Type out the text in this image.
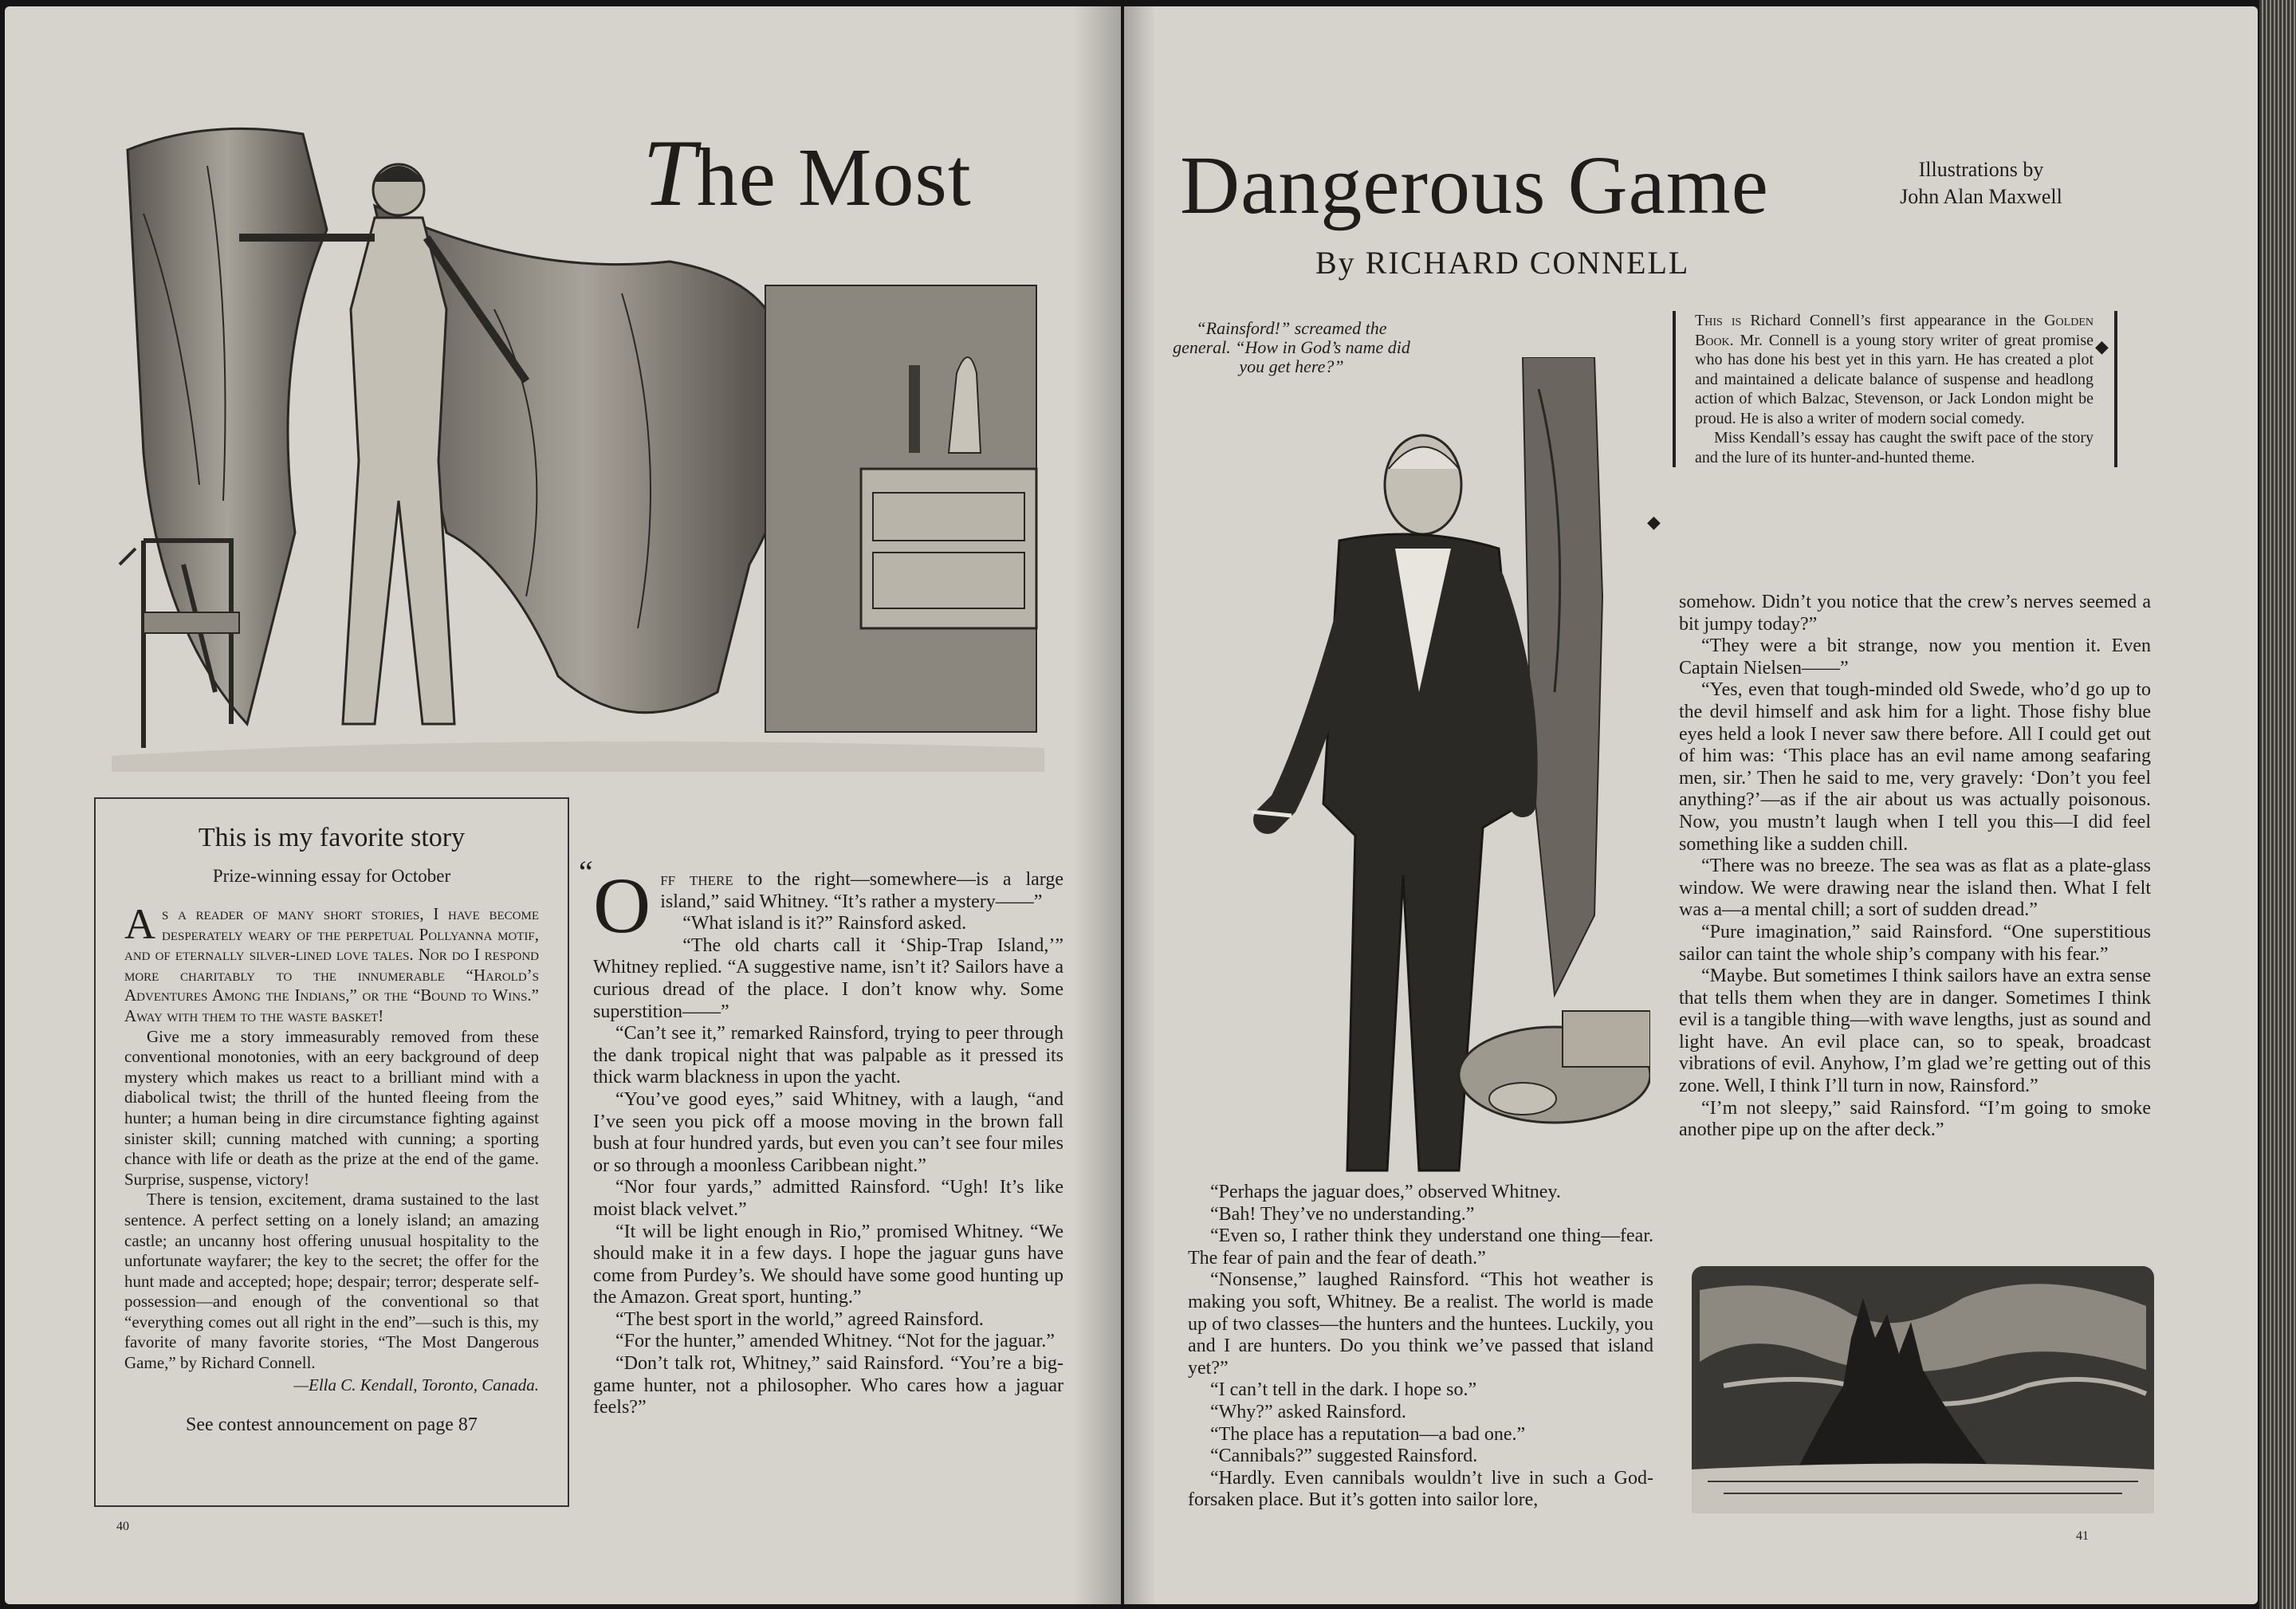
The Most
This is my favorite story
Prize-winning essay for October

As a reader of many short stories, I have become desperately weary of the perpetual Pollyanna motif, and of eternally silver-lined love tales. Nor do I respond more charitably to the innumerable “Harold’s Adventures Among the Indians,” or the “Bound to Wins.” Away with them to the waste basket!

Give me a story immeasurably removed from these conventional monotonies, with an eery background of deep mystery which makes us react to a brilliant mind with a diabolical twist; the thrill of the hunted fleeing from the hunter; a human being in dire circumstance fighting against sinister skill; cunning matched with cunning; a sporting chance with life or death as the prize at the end of the game. Surprise, suspense, victory!

There is tension, excitement, drama sustained to the last sentence. A perfect setting on a lonely island; an amazing castle; an uncanny host offering unusual hospitality to the unfortunate wayfarer; the key to the secret; the offer for the hunt made and accepted; hope; despair; terror; desperate self-possession—and enough of the conventional so that “everything comes out all right in the end”—such is this, my favorite of many favorite stories, “The Most Dangerous Game,” by Richard Connell.

—Ella C. Kendall, Toronto, Canada.
See contest announcement on page 87
“ Off there to the right—somewhere—is a large island,” said Whitney. “It’s rather a mystery——”

“What island is it?” Rainsford asked.

“The old charts call it ‘Ship-Trap Island,’” Whitney replied. “A suggestive name, isn’t it? Sailors have a curious dread of the place. I don’t know why. Some superstition——”

“Can’t see it,” remarked Rainsford, trying to peer through the dank tropical night that was palpable as it pressed its thick warm blackness in upon the yacht.

“You’ve good eyes,” said Whitney, with a laugh, “and I’ve seen you pick off a moose moving in the brown fall bush at four hundred yards, but even you can’t see four miles or so through a moonless Caribbean night.”

“Nor four yards,” admitted Rainsford. “Ugh! It’s like moist black velvet.”

“It will be light enough in Rio,” promised Whitney. “We should make it in a few days. I hope the jaguar guns have come from Purdey’s. We should have some good hunting up the Amazon. Great sport, hunting.”

“The best sport in the world,” agreed Rainsford.

“For the hunter,” amended Whitney. “Not for the jaguar.”

“Don’t talk rot, Whitney,” said Rainsford. “You’re a big-game hunter, not a philosopher. Who cares how a jaguar feels?”

40
Dangerous Game	Illustrations by
John Alan Maxwell
By RICHARD CONNELL
“Rainsford!” screamed the general. “How in God’s name did you get here?”

This is Richard Connell’s first appearance in the Golden Book. Mr. Connell is a young story writer of great promise who has done his best yet in this yarn. He has created a plot and maintained a delicate balance of suspense and headlong action of which Balzac, Stevenson, or Jack London might be proud. He is also a writer of modern social comedy.

Miss Kendall’s essay has caught the swift pace of the story and the lure of its hunter-and-hunted theme.

◆
◆

“Perhaps the jaguar does,” observed Whitney.

“Bah! They’ve no understanding.”

“Even so, I rather think they understand one thing—fear. The fear of pain and the fear of death.”

“Nonsense,” laughed Rainsford. “This hot weather is making you soft, Whitney. Be a realist. The world is made up of two classes—the hunters and the huntees. Luckily, you and I are hunters. Do you think we’ve passed that island yet?”

“I can’t tell in the dark. I hope so.”

“Why?” asked Rainsford.

“The place has a reputation—a bad one.”

“Cannibals?” suggested Rainsford.

“Hardly. Even cannibals wouldn’t live in such a God-forsaken place. But it’s gotten into sailor lore,

somehow. Didn’t you notice that the crew’s nerves seemed a bit jumpy today?”

“They were a bit strange, now you mention it. Even Captain Nielsen——”

“Yes, even that tough-minded old Swede, who’d go up to the devil himself and ask him for a light. Those fishy blue eyes held a look I never saw there before. All I could get out of him was: ‘This place has an evil name among seafaring men, sir.’ Then he said to me, very gravely: ‘Don’t you feel anything?’—as if the air about us was actually poisonous. Now, you mustn’t laugh when I tell you this—I did feel something like a sudden chill.

“There was no breeze. The sea was as flat as a plate-glass window. We were drawing near the island then. What I felt was a—a mental chill; a sort of sudden dread.”

“Pure imagination,” said Rainsford. “One superstitious sailor can taint the whole ship’s company with his fear.”

“Maybe. But sometimes I think sailors have an extra sense that tells them when they are in danger. Sometimes I think evil is a tangible thing—with wave lengths, just as sound and light have. An evil place can, so to speak, broadcast vibrations of evil. Anyhow, I’m glad we’re getting out of this zone. Well, I think I’ll turn in now, Rainsford.”

“I’m not sleepy,” said Rainsford. “I’m going to smoke another pipe up on the after deck.”

41
